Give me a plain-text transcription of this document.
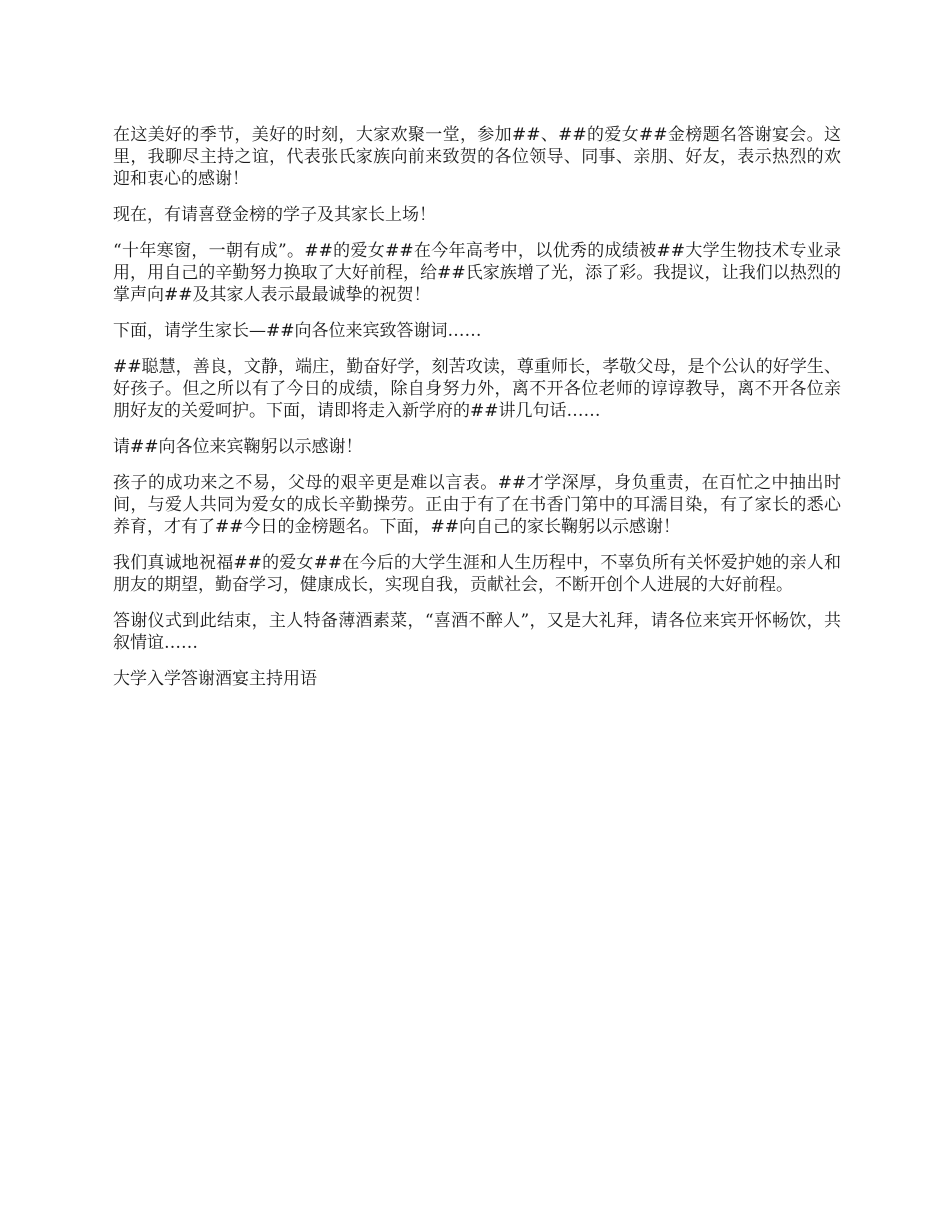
在这美好的季节，美好的时刻，大家欢聚一堂，参加##、##的爱女##金榜题名答谢宴会。这里，我聊尽主持之谊，代表张氏家族向前来致贺的各位领导、同事、亲朋、好友，表示热烈的欢迎和衷心的感谢！

现在，有请喜登金榜的学子及其家长上场！

“十年寒窗，一朝有成”。##的爱女##在今年高考中，以优秀的成绩被##大学生物技术专业录用，用自己的辛勤努力换取了大好前程，给##氏家族增了光，添了彩。我提议，让我们以热烈的掌声向##及其家人表示最最诚挚的祝贺！

下面，请学生家长—##向各位来宾致答谢词……

##聪慧，善良，文静，端庄，勤奋好学，刻苦攻读，尊重师长，孝敬父母，是个公认的好学生、好孩子。但之所以有了今日的成绩，除自身努力外，离不开各位老师的谆谆教导，离不开各位亲朋好友的关爱呵护。下面，请即将走入新学府的##讲几句话……

请##向各位来宾鞠躬以示感谢！

孩子的成功来之不易，父母的艰辛更是难以言表。##才学深厚，身负重责，在百忙之中抽出时间，与爱人共同为爱女的成长辛勤操劳。正由于有了在书香门第中的耳濡目染，有了家长的悉心养育，才有了##今日的金榜题名。下面，##向自己的家长鞠躬以示感谢！

我们真诚地祝福##的爱女##在今后的大学生涯和人生历程中，不辜负所有关怀爱护她的亲人和朋友的期望，勤奋学习，健康成长，实现自我，贡献社会，不断开创个人进展的大好前程。

答谢仪式到此结束，主人特备薄酒素菜，“喜酒不醉人”，又是大礼拜，请各位来宾开怀畅饮，共叙情谊……

大学入学答谢酒宴主持用语
